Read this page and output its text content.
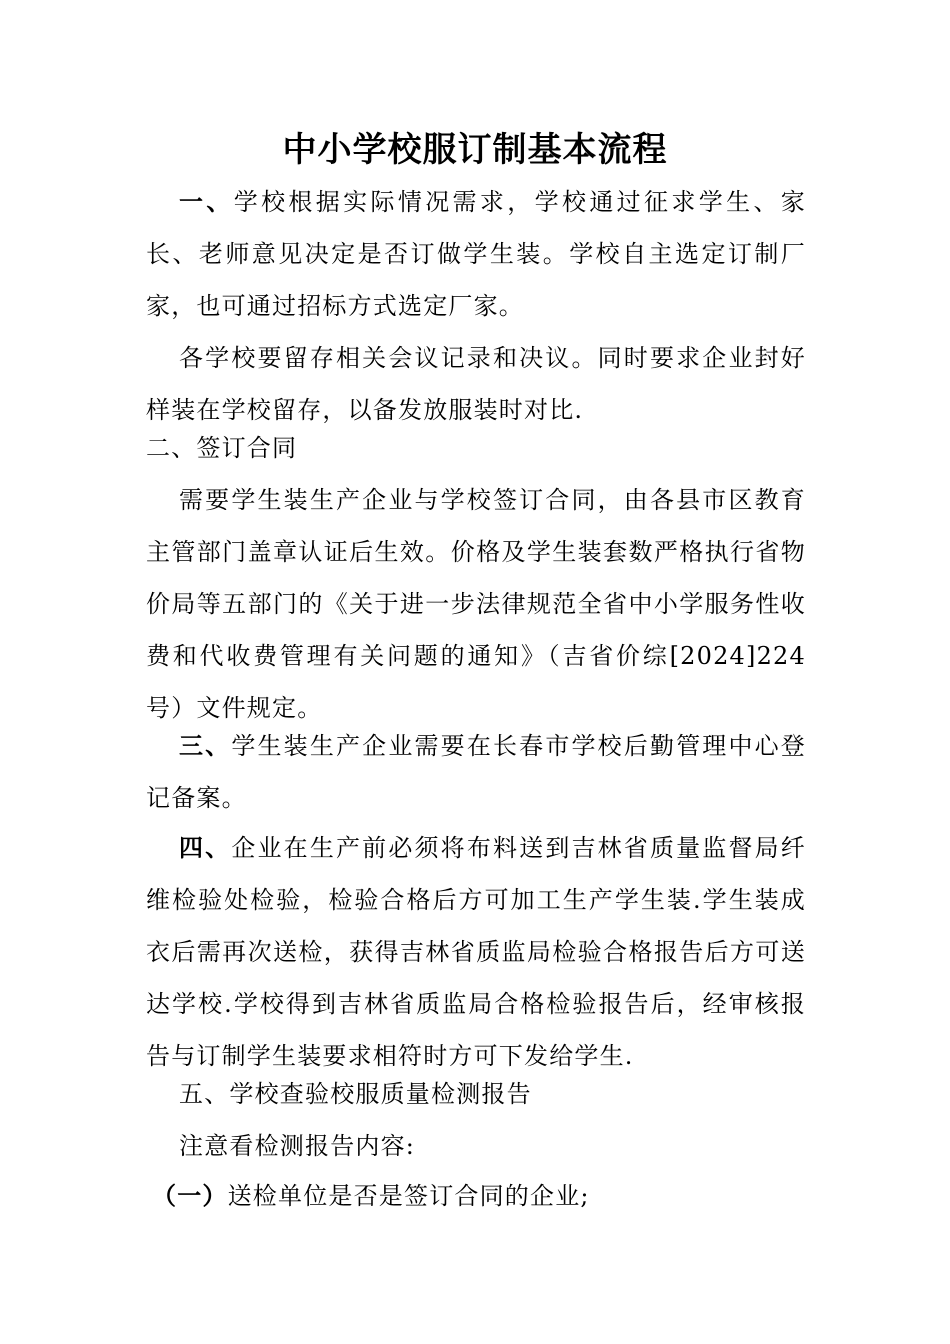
中小学校服订制基本流程

一、学校根据实际情况需求，学校通过征求学生、家长、老师意见决定是否订做学生装。学校自主选定订制厂家，也可通过招标方式选定厂家。

各学校要留存相关会议记录和决议。同时要求企业封好样装在学校留存，以备发放服装时对比.

二、签订合同

需要学生装生产企业与学校签订合同，由各县市区教育主管部门盖章认证后生效。价格及学生装套数严格执行省物价局等五部门的《关于进一步法律规范全省中小学服务性收费和代收费管理有关问题的通知》（吉省价综[2024]224号）文件规定。

三、学生装生产企业需要在长春市学校后勤管理中心登记备案。

四、企业在生产前必须将布料送到吉林省质量监督局纤维检验处检验，检验合格后方可加工生产学生装.学生装成衣后需再次送检，获得吉林省质监局检验合格报告后方可送达学校.学校得到吉林省质监局合格检验报告后，经审核报告与订制学生装要求相符时方可下发给学生.

五、学校查验校服质量检测报告

注意看检测报告内容:

（一）送检单位是否是签订合同的企业;
